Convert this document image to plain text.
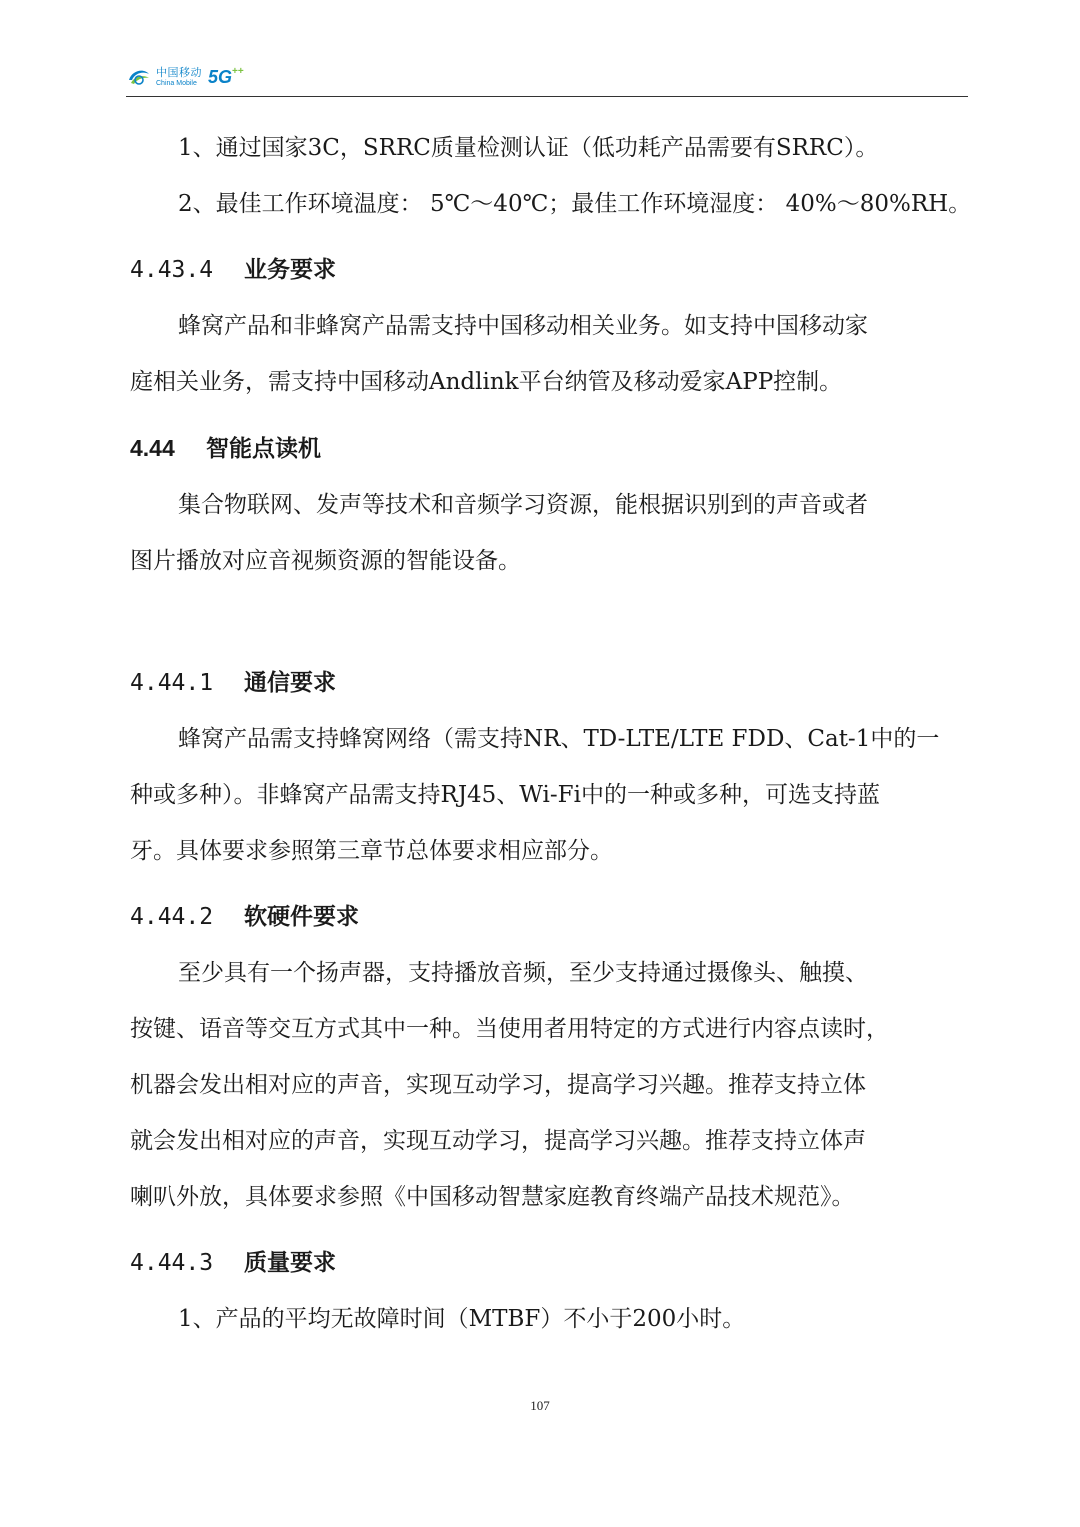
中国移动
China Mobile 5G++

1、通过国家3C，SRRC质量检测认证（低功耗产品需要有SRRC）。

2、最佳工作环境温度： 5℃～40℃；最佳工作环境湿度： 40%～80%RH。

4.43.4 业务要求

蜂窝产品和非蜂窝产品需支持中国移动相关业务。如支持中国移动家

庭相关业务，需支持中国移动Andlink平台纳管及移动爱家APP控制。

4.44 智能点读机

集合物联网、发声等技术和音频学习资源，能根据识别到的声音或者

图片播放对应音视频资源的智能设备。

4.44.1 通信要求

蜂窝产品需支持蜂窝网络（需支持NR、TD-LTE/LTE FDD、Cat-1中的一

种或多种）。非蜂窝产品需支持RJ45、Wi-Fi中的一种或多种，可选支持蓝

牙。具体要求参照第三章节总体要求相应部分。

4.44.2 软硬件要求

至少具有一个扬声器，支持播放音频，至少支持通过摄像头、触摸、

按键、语音等交互方式其中一种。当使用者用特定的方式进行内容点读时，

机器会发出相对应的声音，实现互动学习，提高学习兴趣。推荐支持立体

就会发出相对应的声音，实现互动学习，提高学习兴趣。推荐支持立体声

喇叭外放，具体要求参照《中国移动智慧家庭教育终端产品技术规范》。

4.44.3 质量要求

1、产品的平均无故障时间（MTBF）不小于200小时。

107
